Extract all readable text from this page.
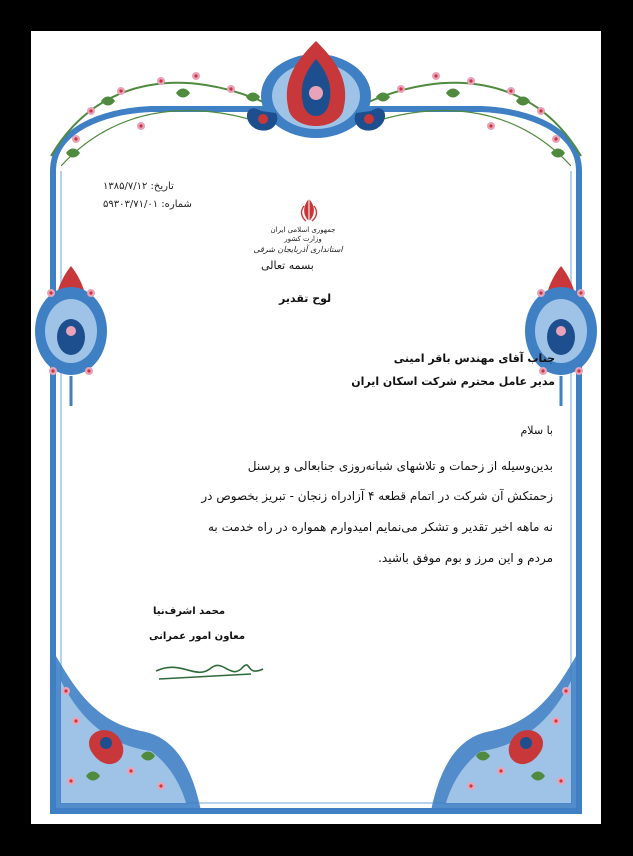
تاریخ: ۱۳۸۵/۷/۱۲
شماره: ۵۹۳۰۳/۷۱/۰۱
جمهوری اسلامی ایران
وزارت کشور
استانداری آذربایجان شرقی
بسمه تعالی
لوح تقدیر
جناب آقای مهندس باقر امینی
مدیر عامل محترم شرکت اسکان ایران
با سلام
بدین‌وسیله از زحمات و تلاشهای شبانه‌روزی جنابعالی و پرسنل
زحمتکش آن شرکت در اتمام قطعه ۴ آزادراه زنجان - تبریز بخصوص در
نه ماهه اخیر تقدیر و تشکر می‌نمایم امیدوارم همواره در راه خدمت به
مردم و این مرز و بوم موفق باشید.
محمد اشرف‌نیا
معاون امور عمرانی
